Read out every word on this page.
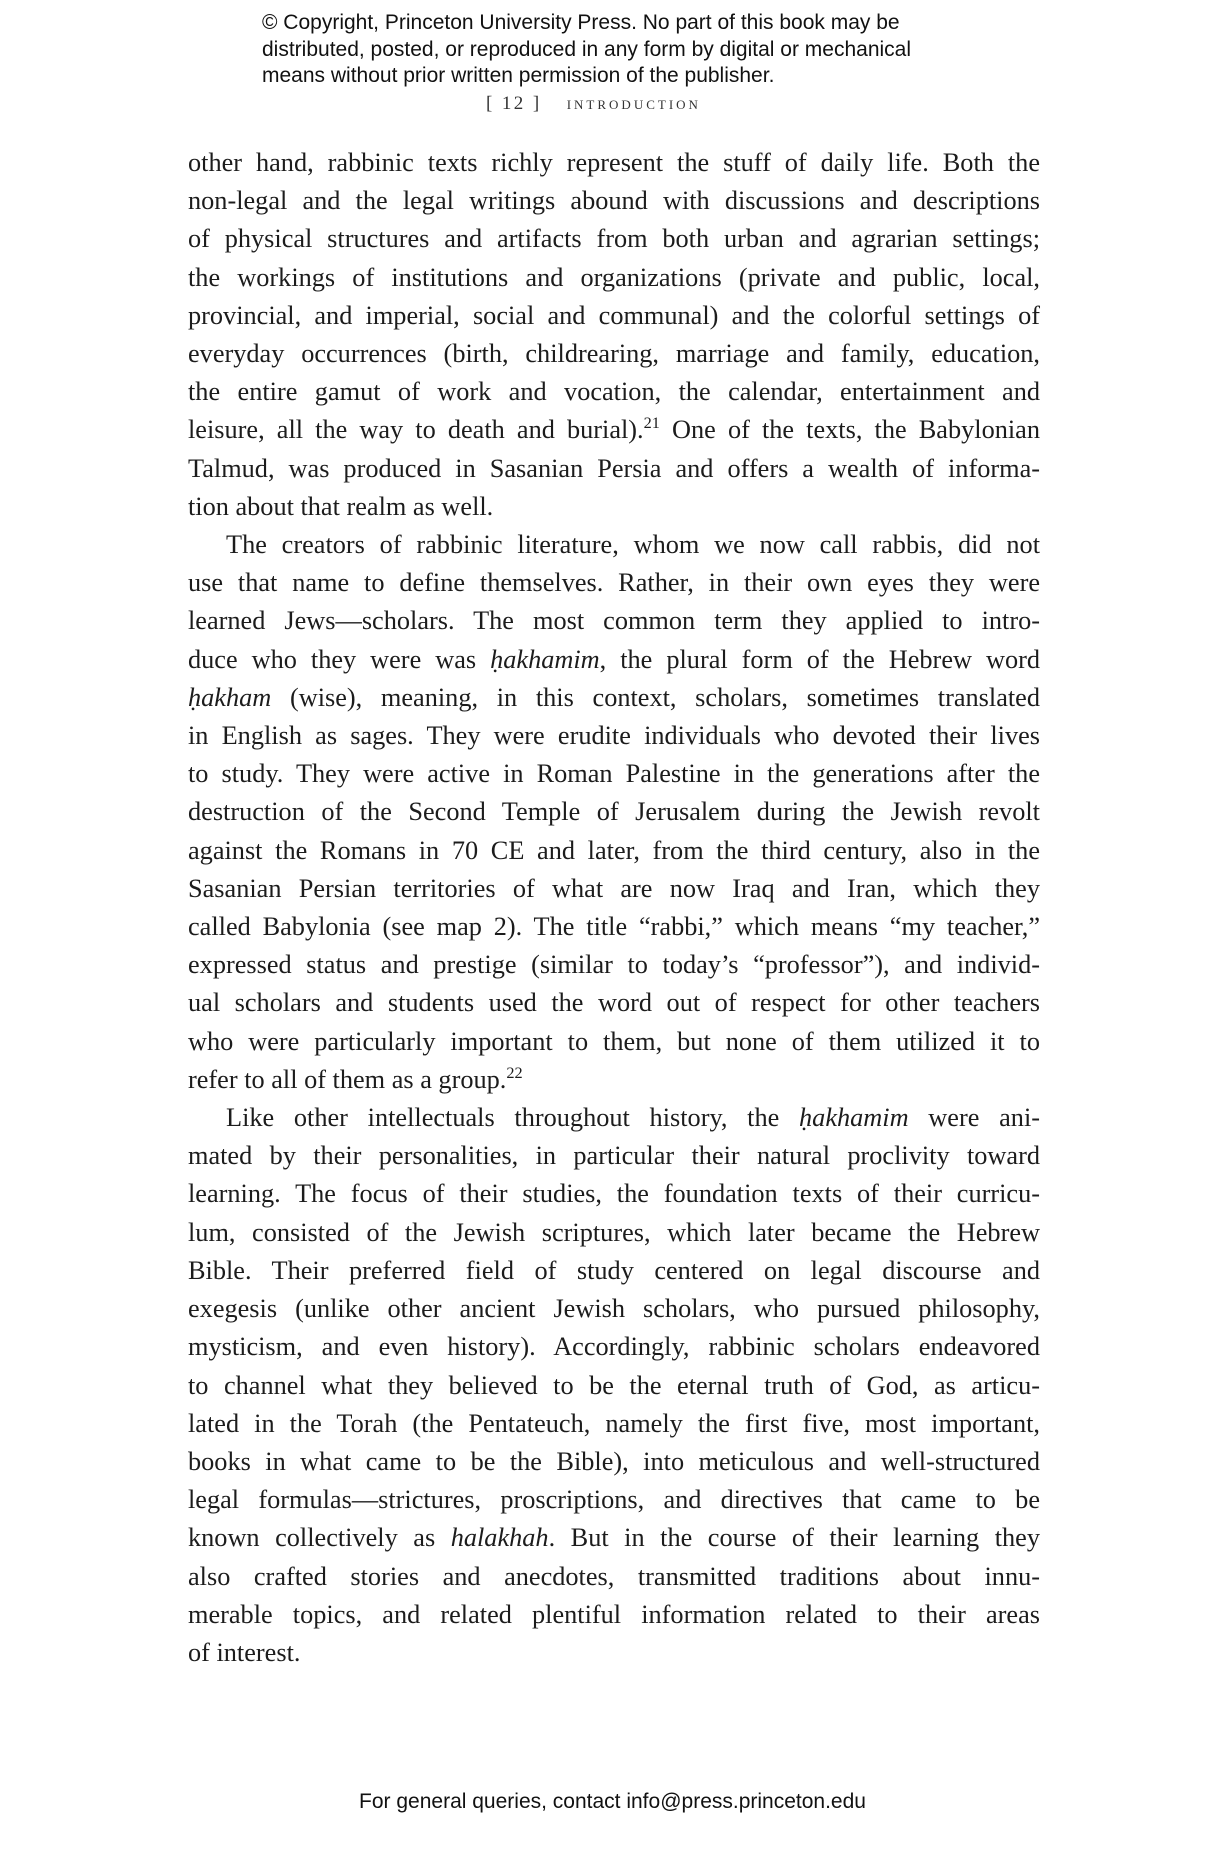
© Copyright, Princeton University Press. No part of this book may be
distributed, posted, or reproduced in any form by digital or mechanical
means without prior written permission of the publisher.
[ 12 ] introduction

other hand, rabbinic texts richly represent the stuff of daily life. Both the
non-legal and the legal writings abound with discussions and descriptions
of physical structures and artifacts from both urban and agrarian settings;
the workings of institutions and organizations (private and public, local,
provincial, and imperial, social and communal) and the colorful settings of
everyday occurrences (birth, childrearing, marriage and family, education,
the entire gamut of work and vocation, the calendar, entertainment and
leisure, all the way to death and burial).$^{21}$ One of the texts, the Babylonian
Talmud, was produced in Sasanian Persia and offers a wealth of informa-
tion about that realm as well.

The creators of rabbinic literature, whom we now call rabbis, did not
use that name to define themselves. Rather, in their own eyes they were
learned Jews—scholars. The most common term they applied to intro-
duce who they were was ḥakhamim, the plural form of the Hebrew word
ḥakham (wise), meaning, in this context, scholars, sometimes translated
in English as sages. They were erudite individuals who devoted their lives
to study. They were active in Roman Palestine in the generations after the
destruction of the Second Temple of Jerusalem during the Jewish revolt
against the Romans in 70 CE and later, from the third century, also in the
Sasanian Persian territories of what are now Iraq and Iran, which they
called Babylonia (see map 2). The title “rabbi,” which means “my teacher,”
expressed status and prestige (similar to today’s “professor”), and individ-
ual scholars and students used the word out of respect for other teachers
who were particularly important to them, but none of them utilized it to
refer to all of them as a group.$^{22}$

Like other intellectuals throughout history, the ḥakhamim were ani-
mated by their personalities, in particular their natural proclivity toward
learning. The focus of their studies, the foundation texts of their curricu-
lum, consisted of the Jewish scriptures, which later became the Hebrew
Bible. Their preferred field of study centered on legal discourse and
exegesis (unlike other ancient Jewish scholars, who pursued philosophy,
mysticism, and even history). Accordingly, rabbinic scholars endeavored
to channel what they believed to be the eternal truth of God, as articu-
lated in the Torah (the Pentateuch, namely the first five, most important,
books in what came to be the Bible), into meticulous and well-structured
legal formulas—strictures, proscriptions, and directives that came to be
known collectively as halakhah. But in the course of their learning they
also crafted stories and anecdotes, transmitted traditions about innu-
merable topics, and related plentiful information related to their areas
of interest.

For general queries, contact info@press.princeton.edu
